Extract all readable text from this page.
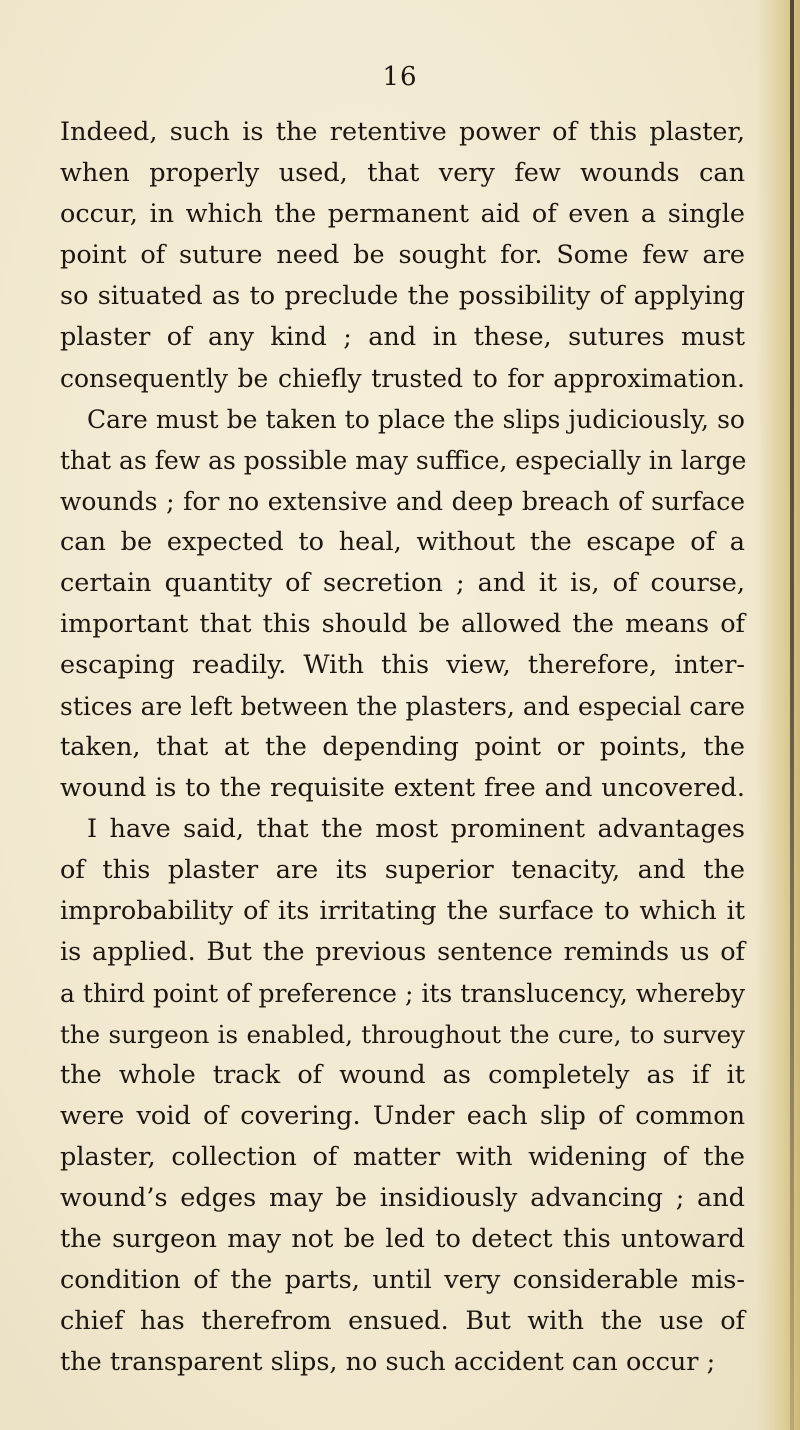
16
Indeed, such is the retentive power of this plaster,
when properly used, that very few wounds can
occur, in which the permanent aid of even a single
point of suture need be sought for. Some few are
so situated as to preclude the possibility of applying
plaster of any kind ; and in these, sutures must
consequently be chiefly trusted to for approximation.
Care must be taken to place the slips judiciously, so
that as few as possible may suffice, especially in large
wounds ; for no extensive and deep breach of surface
can be expected to heal, without the escape of a
certain quantity of secretion ; and it is, of course,
important that this should be allowed the means of
escaping readily. With this view, therefore, inter-
stices are left between the plasters, and especial care
taken, that at the depending point or points, the
wound is to the requisite extent free and uncovered.
I have said, that the most prominent advantages
of this plaster are its superior tenacity, and the
improbability of its irritating the surface to which it
is applied. But the previous sentence reminds us of
a third point of preference ; its translucency, whereby
the surgeon is enabled, throughout the cure, to survey
the whole track of wound as completely as if it
were void of covering. Under each slip of common
plaster, collection of matter with widening of the
wound’s edges may be insidiously advancing ; and
the surgeon may not be led to detect this untoward
condition of the parts, until very considerable mis-
chief has therefrom ensued. But with the use of
the transparent slips, no such accident can occur ;
